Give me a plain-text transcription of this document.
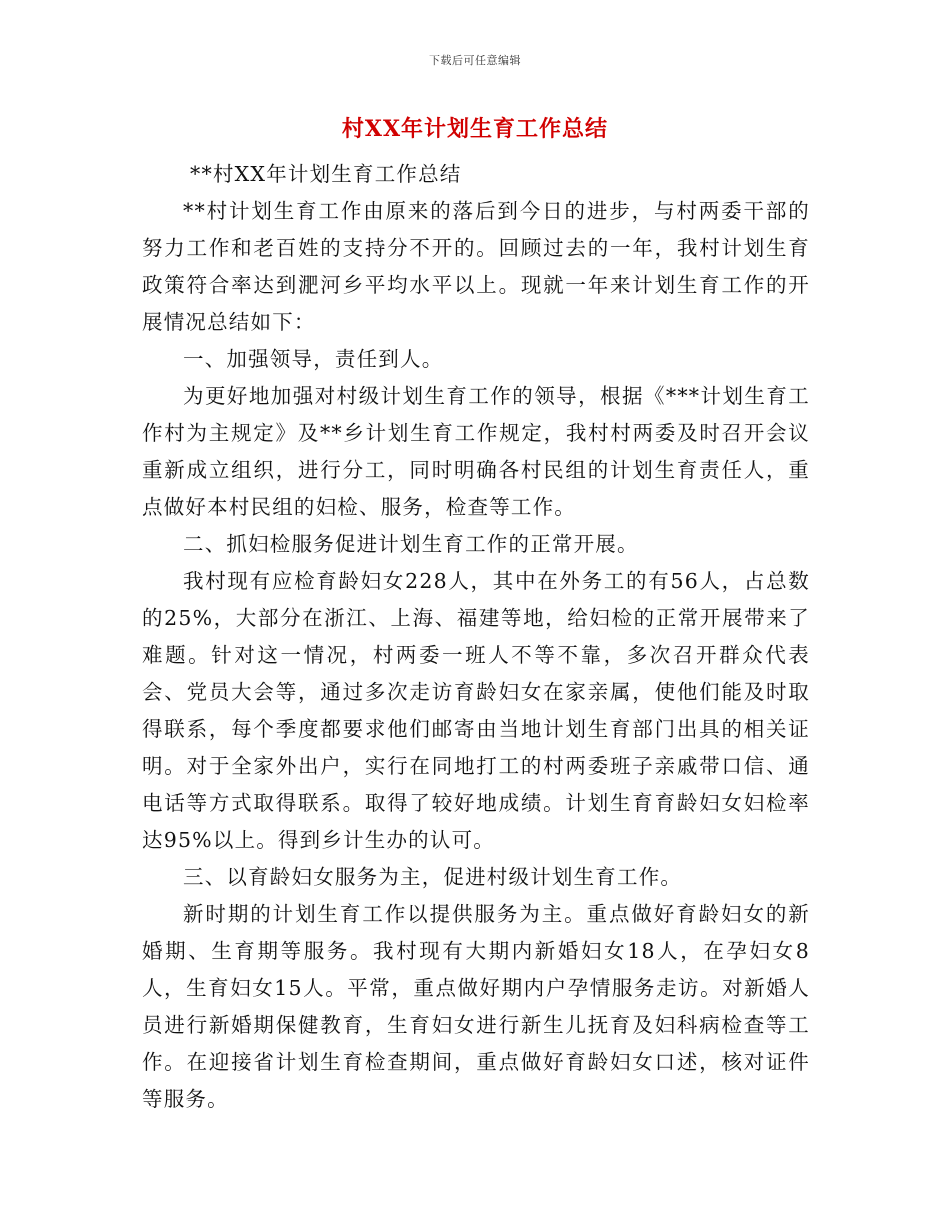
下载后可任意编辑
村XX年计划生育工作总结

**村XX年计划生育工作总结

**村计划生育工作由原来的落后到今日的进步，与村两委干部的努力工作和老百姓的支持分不开的。回顾过去的一年，我村计划生育政策符合率达到淝河乡平均水平以上。现就一年来计划生育工作的开展情况总结如下：

一、加强领导，责任到人。

为更好地加强对村级计划生育工作的领导，根据《***计划生育工作村为主规定》及**乡计划生育工作规定，我村村两委及时召开会议重新成立组织，进行分工，同时明确各村民组的计划生育责任人，重点做好本村民组的妇检、服务，检查等工作。

二、抓妇检服务促进计划生育工作的正常开展。

我村现有应检育龄妇女228人，其中在外务工的有56人，占总数的25%，大部分在浙江、上海、福建等地，给妇检的正常开展带来了难题。针对这一情况，村两委一班人不等不靠，多次召开群众代表会、党员大会等，通过多次走访育龄妇女在家亲属，使他们能及时取得联系，每个季度都要求他们邮寄由当地计划生育部门出具的相关证明。对于全家外出户，实行在同地打工的村两委班子亲戚带口信、通电话等方式取得联系。取得了较好地成绩。计划生育育龄妇女妇检率达95%以上。得到乡计生办的认可。

三、以育龄妇女服务为主，促进村级计划生育工作。

新时期的计划生育工作以提供服务为主。重点做好育龄妇女的新婚期、生育期等服务。我村现有大期内新婚妇女18人，在孕妇女8人，生育妇女15人。平常，重点做好期内户孕情服务走访。对新婚人员进行新婚期保健教育，生育妇女进行新生儿抚育及妇科病检查等工作。在迎接省计划生育检查期间，重点做好育龄妇女口述，核对证件等服务。
